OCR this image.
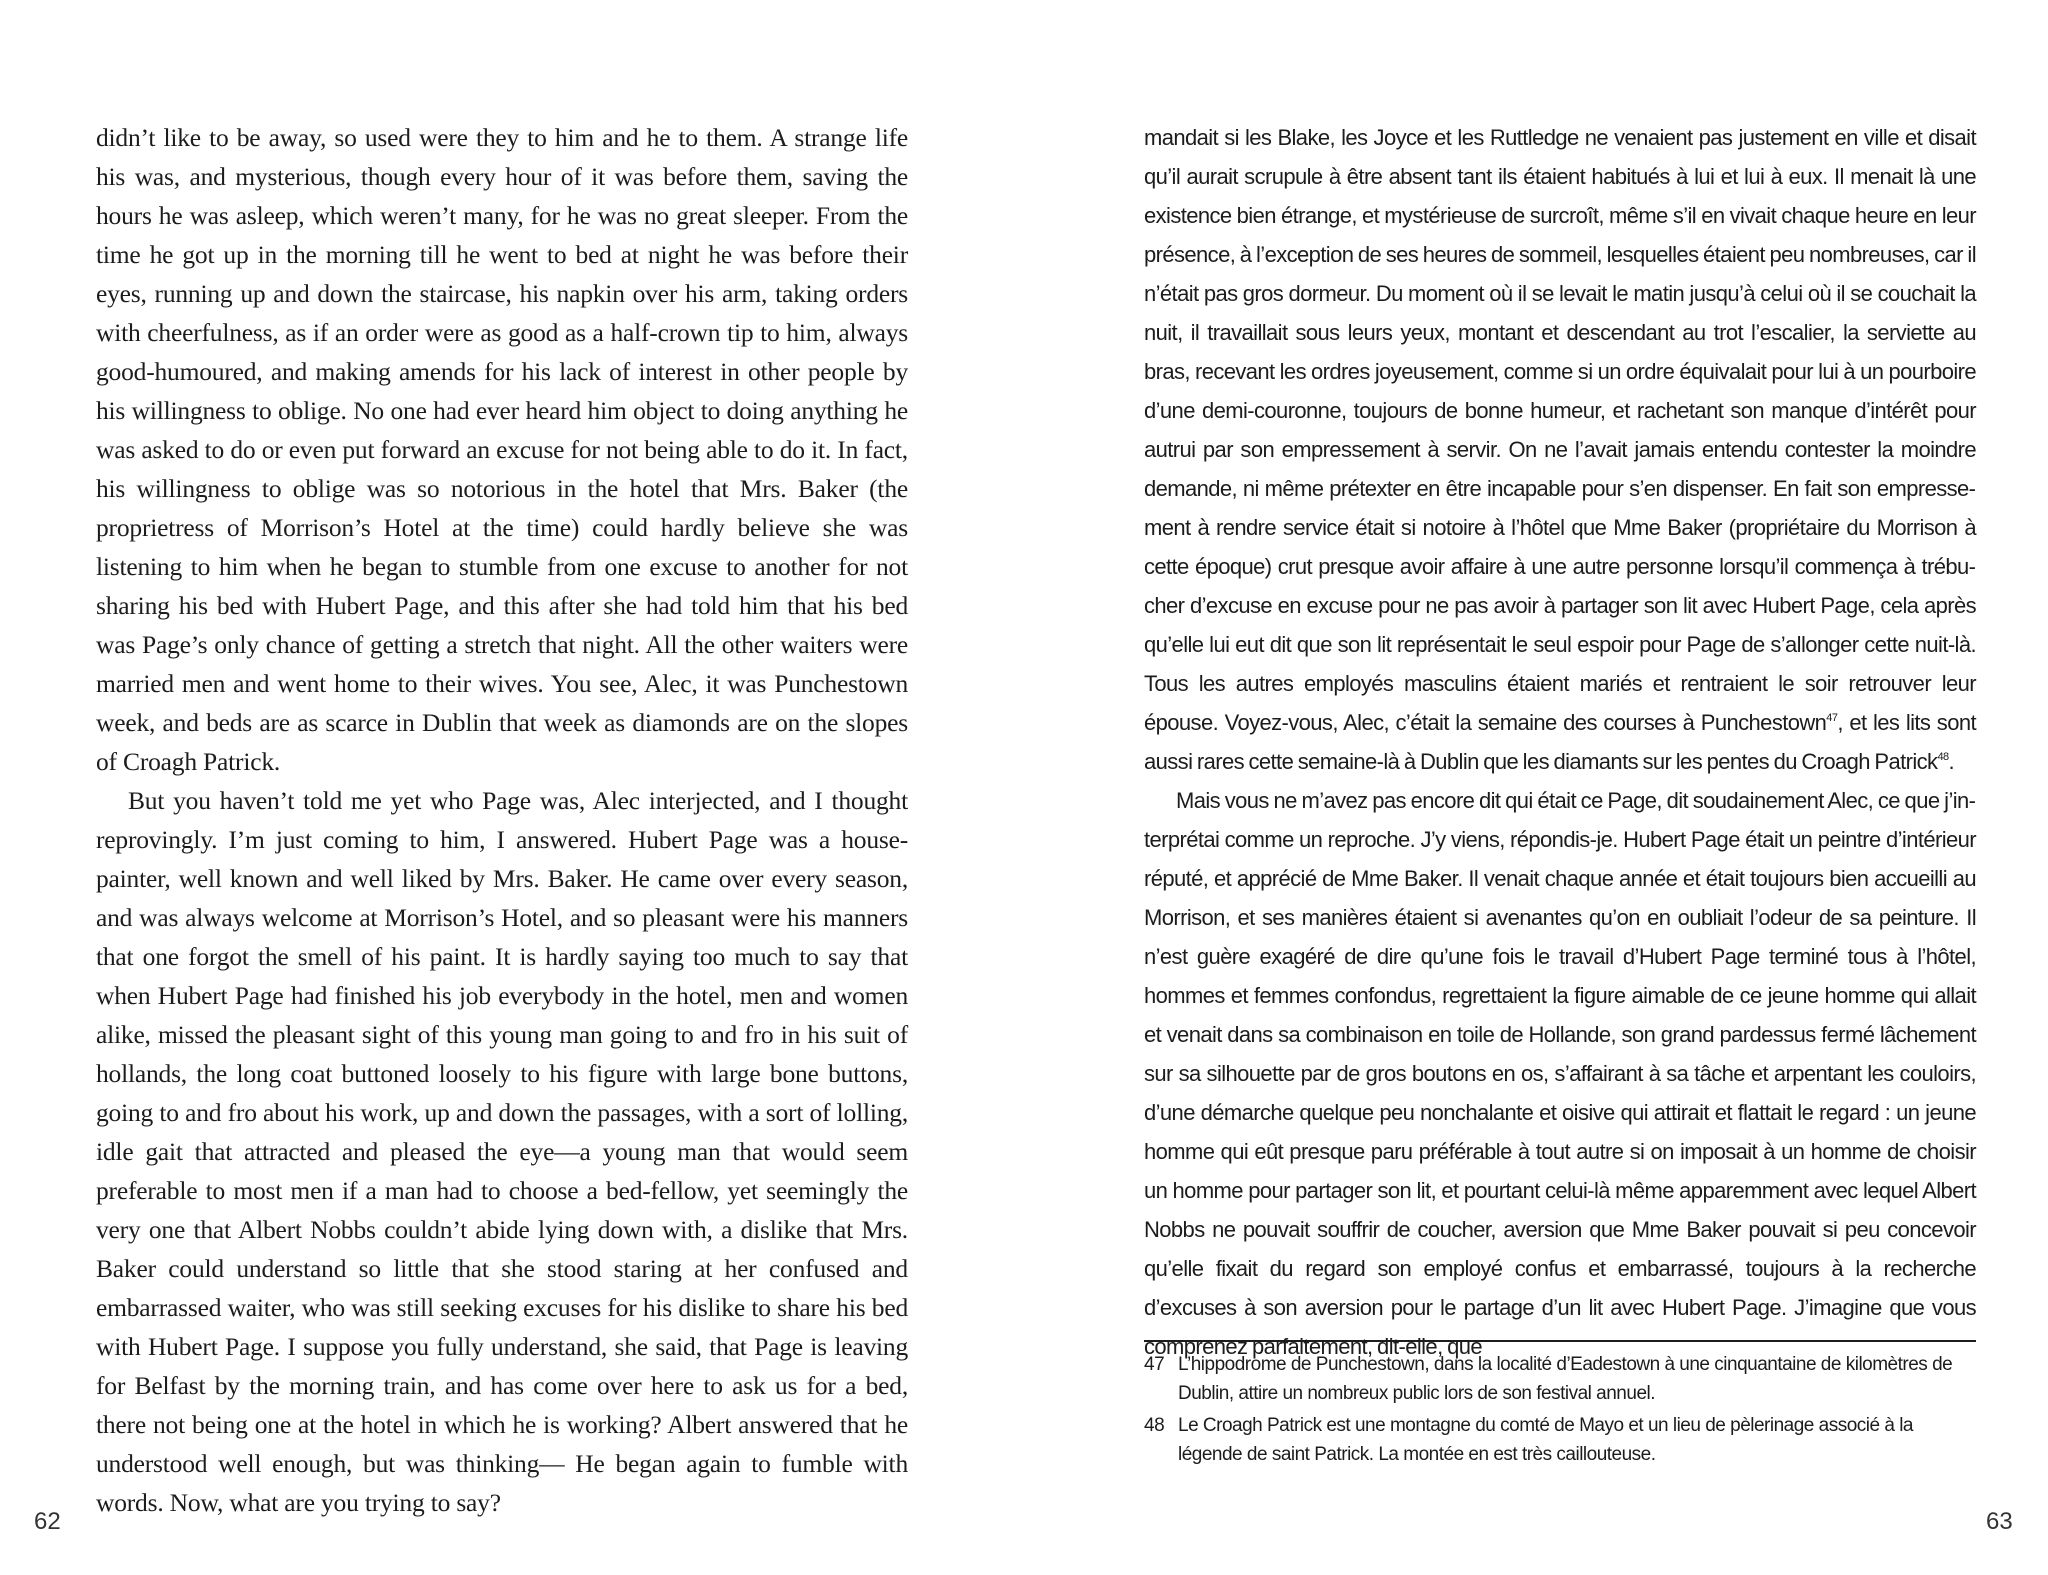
didn’t like to be away, so used were they to him and he to them. A strange life his was, and mysterious, though every hour of it was before them, saving the hours he was asleep, which weren’t many, for he was no great sleeper. From the time he got up in the morning till he went to bed at night he was before their eyes, running up and down the staircase, his napkin over his arm, taking orders with cheerfulness, as if an order were as good as a half-crown tip to him, always good-humoured, and making amends for his lack of interest in other people by his willingness to oblige. No one had ever heard him object to doing anything he was asked to do or even put forward an excuse for not being able to do it. In fact, his willingness to oblige was so notorious in the hotel that Mrs. Baker (the proprietress of Morrison’s Hotel at the time) could hardly believe she was listening to him when he began to stumble from one excuse to another for not sharing his bed with Hubert Page, and this after she had told him that his bed was Page’s only chance of getting a stretch that night. All the other waiters were married men and went home to their wives. You see, Alec, it was Punchestown week, and beds are as scarce in Dublin that week as diamonds are on the slopes of Croagh Patrick.

But you haven’t told me yet who Page was, Alec interjected, and I thought reprovingly. I’m just coming to him, I answered. Hubert Page was a house-painter, well known and well liked by Mrs. Baker. He came over every season, and was always welcome at Morrison’s Hotel, and so pleasant were his manners that one forgot the smell of his paint. It is hardly saying too much to say that when Hubert Page had finished his job everybody in the hotel, men and women alike, missed the pleasant sight of this young man going to and fro in his suit of hollands, the long coat buttoned loosely to his figure with large bone buttons, going to and fro about his work, up and down the passages, with a sort of lolling, idle gait that attracted and pleased the eye—a young man that would seem preferable to most men if a man had to choose a bed-fellow, yet seemingly the very one that Albert Nobbs couldn’t abide lying down with, a dislike that Mrs. Baker could understand so little that she stood staring at her confused and embarrassed waiter, who was still seeking excuses for his dislike to share his bed with Hubert Page. I suppose you fully understand, she said, that Page is leaving for Belfast by the morning train, and has come over here to ask us for a bed, there not being one at the hotel in which he is working? Albert answered that he understood well enough, but was thinking— He began again to fumble with words. Now, what are you trying to say?

62

mandait si les Blake, les Joyce et les Ruttledge ne venaient pas justement en ville et disait qu’il aurait scrupule à être absent tant ils étaient habitués à lui et lui à eux. Il menait là une existence bien étrange, et mystérieuse de surcroît, même s’il en vivait chaque heure en leur présence, à l’exception de ses heures de sommeil, lesquelles étaient peu nombreuses, car il n’était pas gros dormeur. Du moment où il se levait le matin jusqu’à celui où il se couchait la nuit, il travaillait sous leurs yeux, montant et descendant au trot l’escalier, la serviette au bras, recevant les ordres joyeusement, comme si un ordre équivalait pour lui à un pourboire d’une demi-couronne, toujours de bonne humeur, et rachetant son manque d’intérêt pour autrui par son empressement à servir. On ne l’avait jamais entendu contester la moindre demande, ni même prétexter en être incapable pour s’en dispenser. En fait son empressement à rendre service était si notoire à l’hôtel que Mme Baker (propriétaire du Morrison à cette époque) crut presque avoir affaire à une autre personne lorsqu’il commença à trébucher d’excuse en excuse pour ne pas avoir à partager son lit avec Hubert Page, cela après qu’elle lui eut dit que son lit représentait le seul espoir pour Page de s’allonger cette nuit-là. Tous les autres employés masculins étaient mariés et rentraient le soir retrouver leur épouse. Voyez-vous, Alec, c’était la semaine des courses à Punchestown$^{47}$, et les lits sont aussi rares cette semaine-là à Dublin que les diamants sur les pentes du Croagh Patrick$^{48}$.

Mais vous ne m’avez pas encore dit qui était ce Page, dit soudainement Alec, ce que j’interprétai comme un reproche. J’y viens, répondis-je. Hubert Page était un peintre d’intérieur réputé, et apprécié de Mme Baker. Il venait chaque année et était toujours bien accueilli au Morrison, et ses manières étaient si avenantes qu’on en oubliait l’odeur de sa peinture. Il n’est guère exagéré de dire qu’une fois le travail d’Hubert Page terminé tous à l’hôtel, hommes et femmes confondus, regrettaient la figure aimable de ce jeune homme qui allait et venait dans sa combinaison en toile de Hollande, son grand pardessus fermé lâchement sur sa silhouette par de gros boutons en os, s’affairant à sa tâche et arpentant les couloirs, d’une démarche quelque peu nonchalante et oisive qui attirait et flattait le regard : un jeune homme qui eût presque paru préférable à tout autre si on imposait à un homme de choisir un homme pour partager son lit, et pourtant celui-là même apparemment avec lequel Albert Nobbs ne pouvait souffrir de coucher, aversion que Mme Baker pouvait si peu concevoir qu’elle fixait du regard son employé confus et embarrassé, toujours à la recherche d’excuses à son aversion pour le partage d’un lit avec Hubert Page. J’imagine que vous comprenez parfaitement, dit-elle, que

47 L’hippodrome de Punchestown, dans la localité d’Eadestown à une cinquantaine de kilomètres de Dublin, attire un nombreux public lors de son festival annuel.
48 Le Croagh Patrick est une montagne du comté de Mayo et un lieu de pèlerinage associé à la légende de saint Patrick. La montée en est très caillouteuse.
63
